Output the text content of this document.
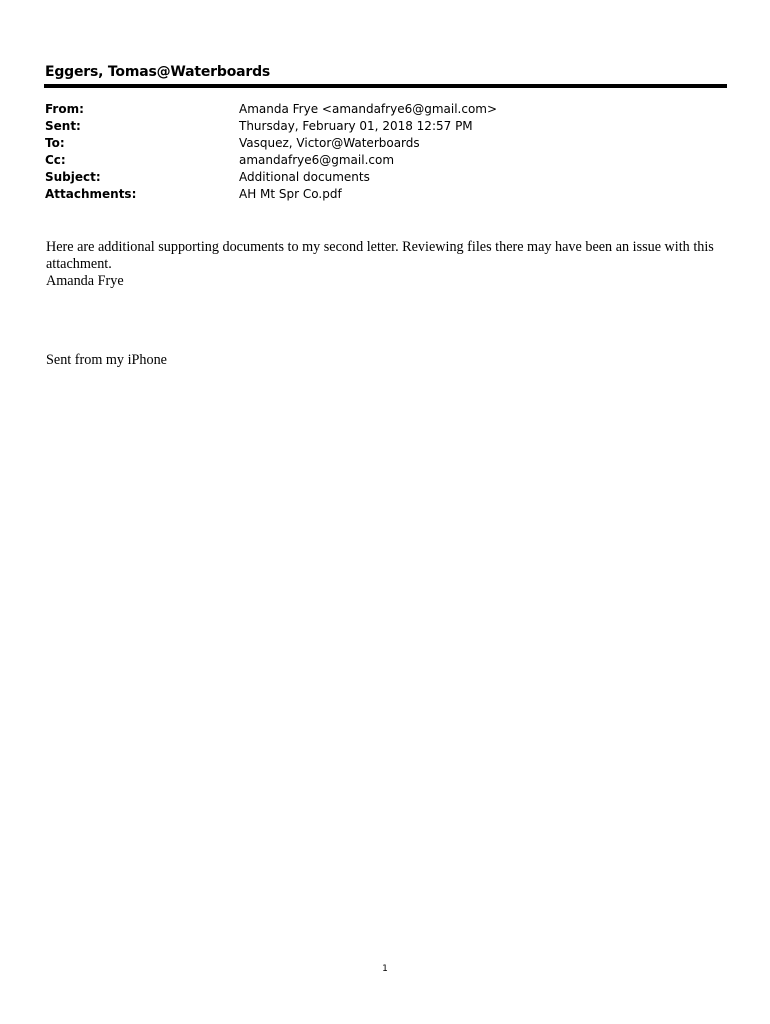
Eggers, Tomas@Waterboards
From:	Amanda Frye <amandafrye6@gmail.com>
Sent:	Thursday, February 01, 2018 12:57 PM
To:	Vasquez, Victor@Waterboards
Cc:	amandafrye6@gmail.com
Subject:	Additional documents
Attachments:	AH Mt Spr Co.pdf

Here are additional supporting documents to my second letter. Reviewing files there may have been an issue with this attachment.

Amanda Frye

Sent from my iPhone

1
